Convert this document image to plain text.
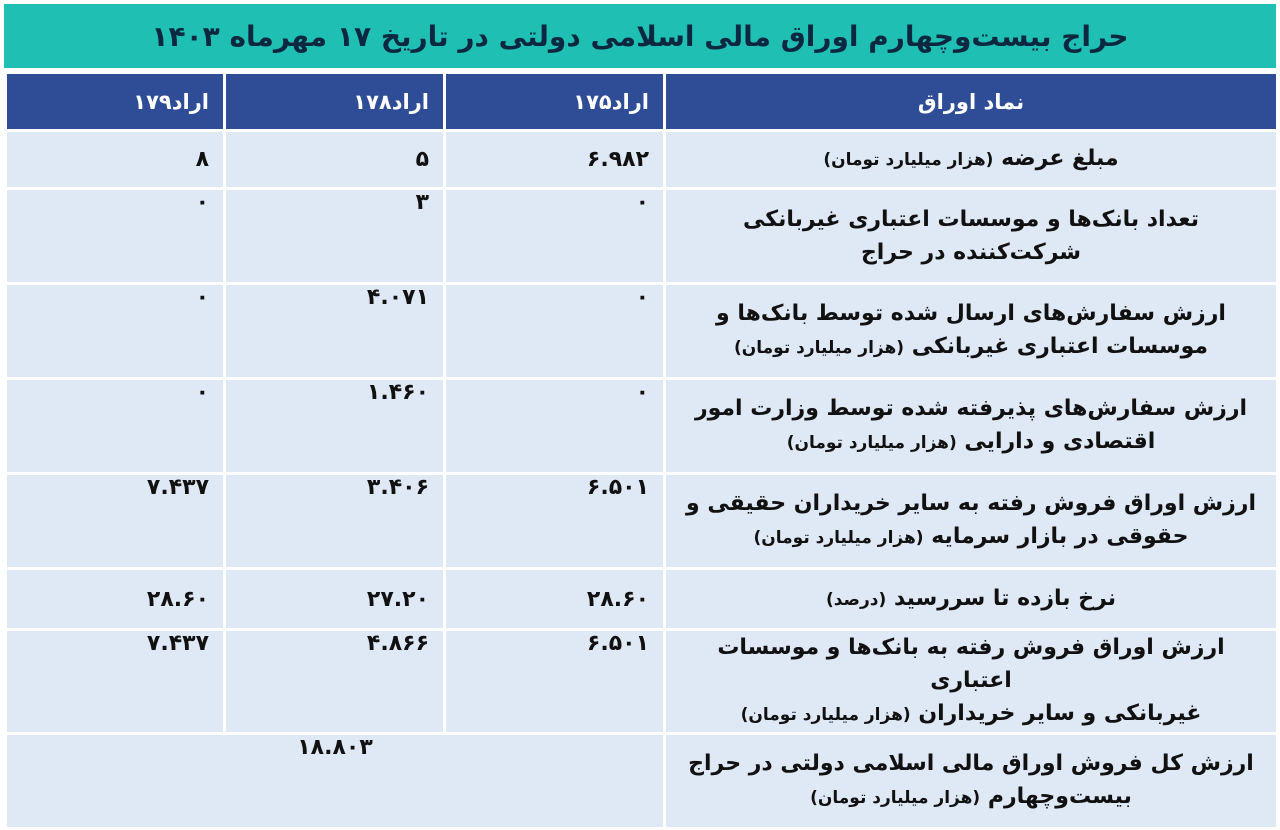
حراج بیست‌وچهارم اوراق مالی اسلامی دولتی در تاریخ ۱۷ مهرماه ۱۴۰۳
نماد اوراق	اراد۱۷۵	اراد۱۷۸	اراد۱۷۹
مبلغ عرضه (هزار میلیارد تومان)	۶.۹۸۲	۵	۸

تعداد بانک‌ها و موسسات اعتباری غیربانکی
شرکت‌کننده در حراج	۰	۳	۰

ارزش سفارش‌های ارسال شده توسط بانک‌ها و
موسسات اعتباری غیربانکی (هزار میلیارد تومان)	۰	۴.۰۷۱	۰

ارزش سفارش‌های پذیرفته شده توسط وزارت امور
اقتصادی و دارایی (هزار میلیارد تومان)	۰	۱.۴۶۰	۰

ارزش اوراق فروش رفته به سایر خریداران حقیقی و
حقوقی در بازار سرمایه (هزار میلیارد تومان)	۶.۵۰۱	۳.۴۰۶	۷.۴۳۷
نرخ بازده تا سررسید (درصد)	۲۸.۶۰	۲۷.۲۰	۲۸.۶۰

ارزش اوراق فروش رفته به بانک‌ها و موسسات اعتباری
غیربانکی و سایر خریداران (هزار میلیارد تومان)	۶.۵۰۱	۴.۸۶۶	۷.۴۳۷

ارزش کل فروش اوراق مالی اسلامی دولتی در حراج
بیست‌وچهارم (هزار میلیارد تومان)	۱۸.۸۰۳		
